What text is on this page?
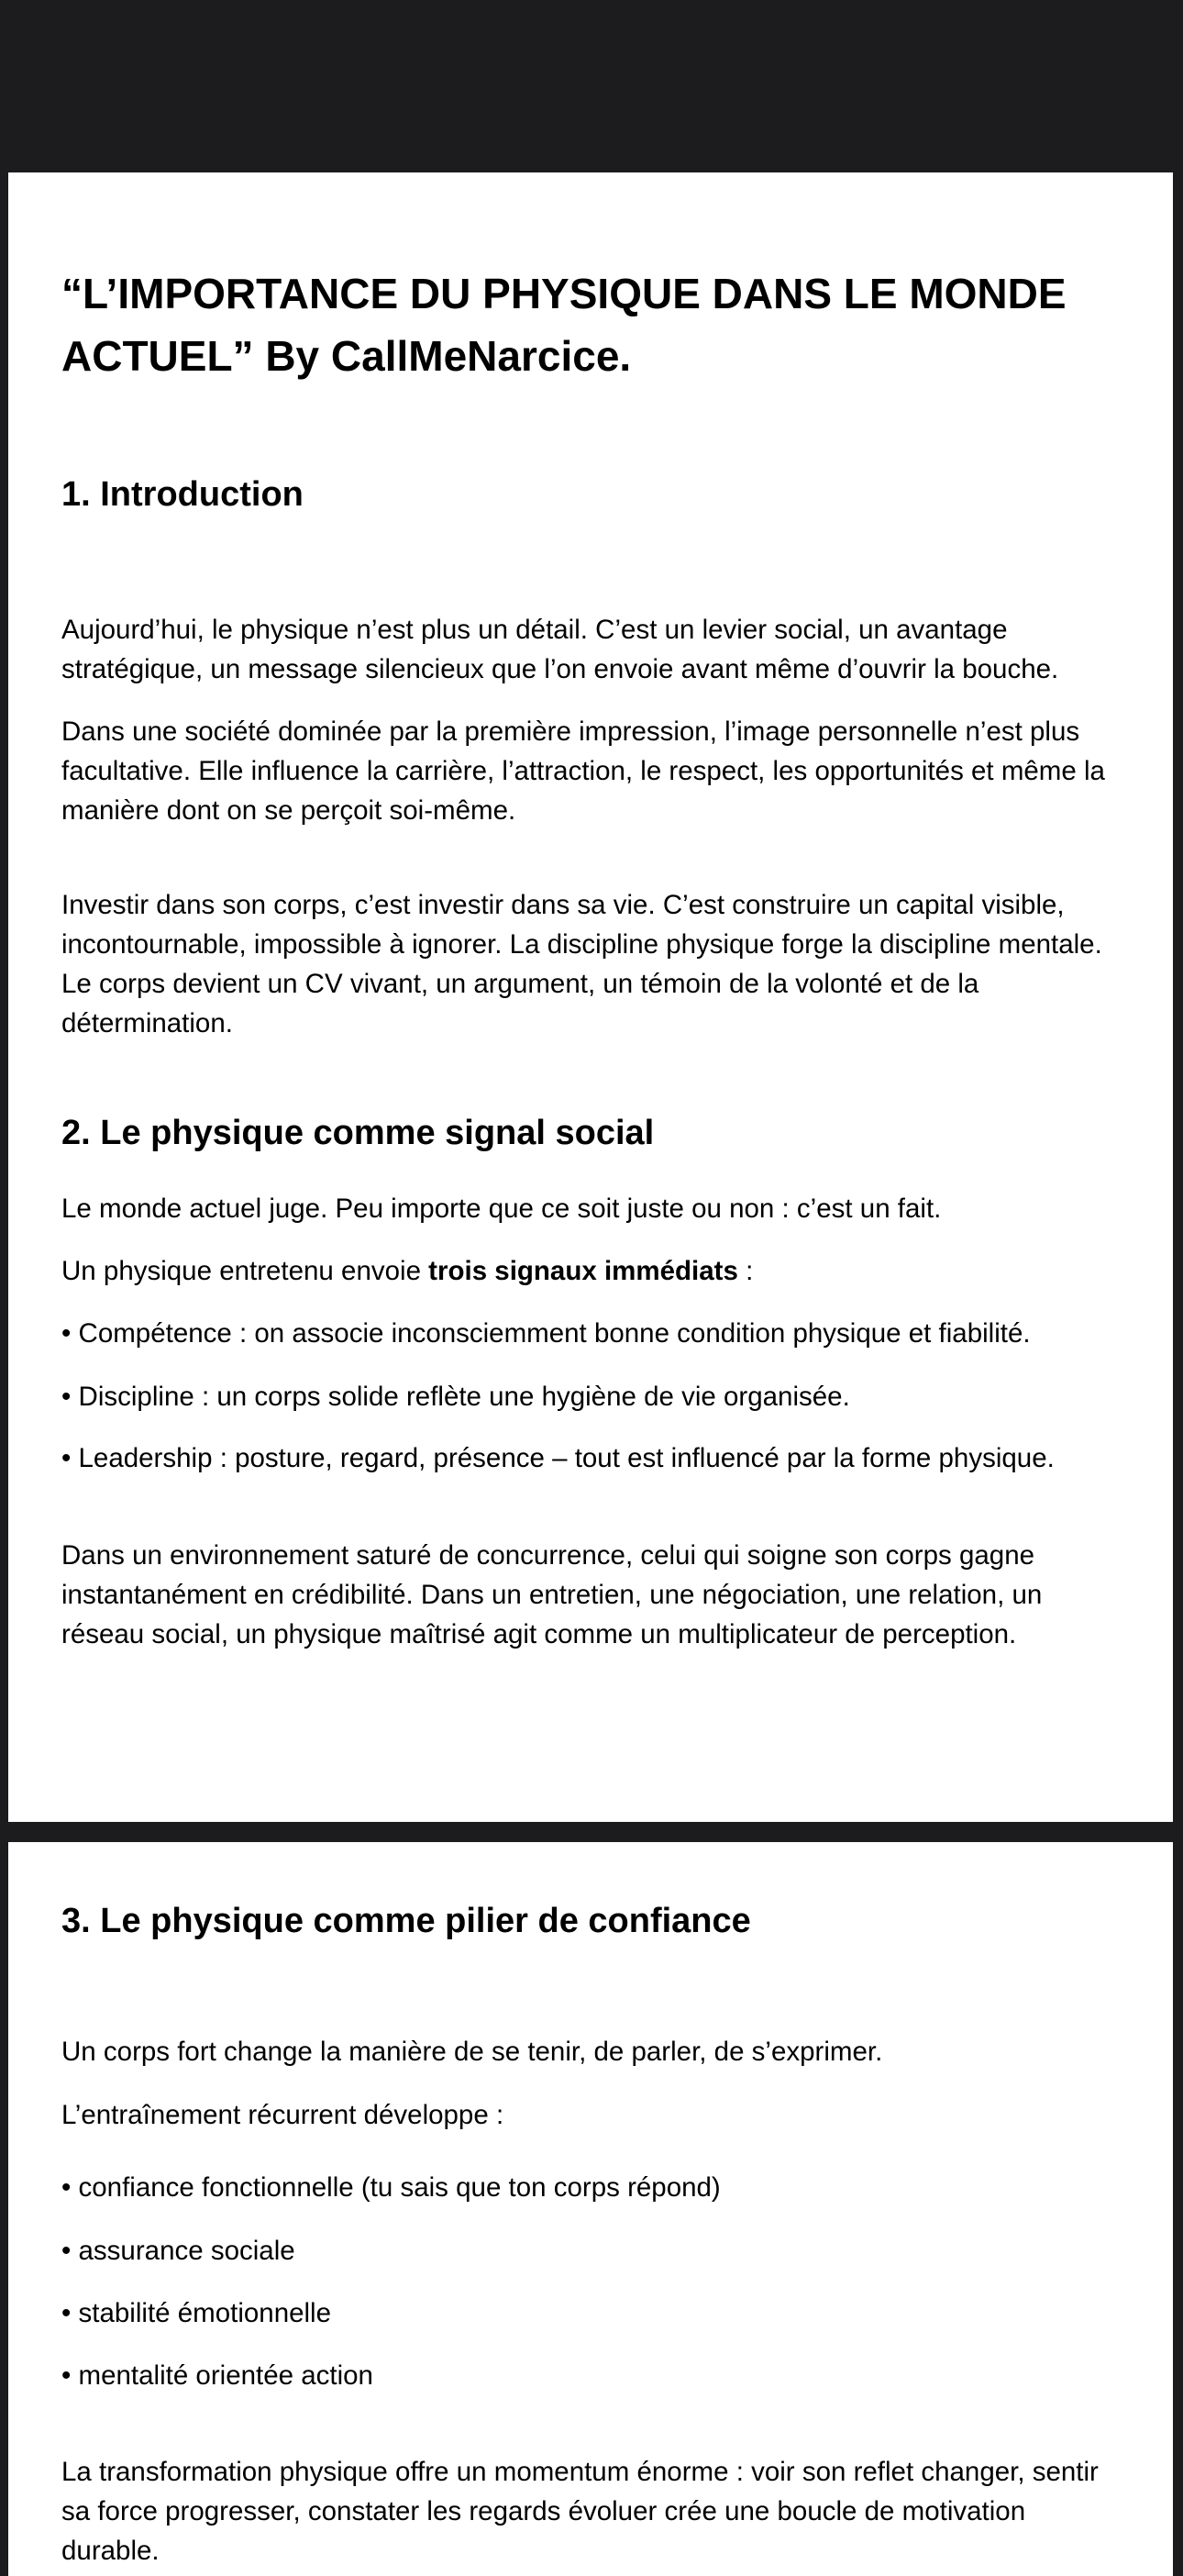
“L’IMPORTANCE DU PHYSIQUE DANS LE MONDE ACTUEL” By CallMeNarcice.
1. Introduction

Aujourd’hui, le physique n’est plus un détail. C’est un levier social, un avantage stratégique, un message silencieux que l’on envoie avant même d’ouvrir la bouche.

Dans une société dominée par la première impression, l’image personnelle n’est plus facultative. Elle influence la carrière, l’attraction, le respect, les opportunités et même la manière dont on se perçoit soi-même.

Investir dans son corps, c’est investir dans sa vie. C’est construire un capital visible, incontournable, impossible à ignorer. La discipline physique forge la discipline mentale. Le corps devient un CV vivant, un argument, un témoin de la volonté et de la détermination.

2. Le physique comme signal social

Le monde actuel juge. Peu importe que ce soit juste ou non : c’est un fait.

Un physique entretenu envoie trois signaux immédiats :

• Compétence : on associe inconsciemment bonne condition physique et fiabilité.

• Discipline : un corps solide reflète une hygiène de vie organisée.

• Leadership : posture, regard, présence – tout est influencé par la forme physique.

Dans un environnement saturé de concurrence, celui qui soigne son corps gagne instantanément en crédibilité. Dans un entretien, une négociation, une relation, un réseau social, un physique maîtrisé agit comme un multiplicateur de perception.

3. Le physique comme pilier de confiance

Un corps fort change la manière de se tenir, de parler, de s’exprimer.

L’entraînement récurrent développe :

• confiance fonctionnelle (tu sais que ton corps répond)

• assurance sociale

• stabilité émotionnelle

• mentalité orientée action

La transformation physique offre un momentum énorme : voir son reflet changer, sentir sa force progresser, constater les regards évoluer crée une boucle de motivation durable.
